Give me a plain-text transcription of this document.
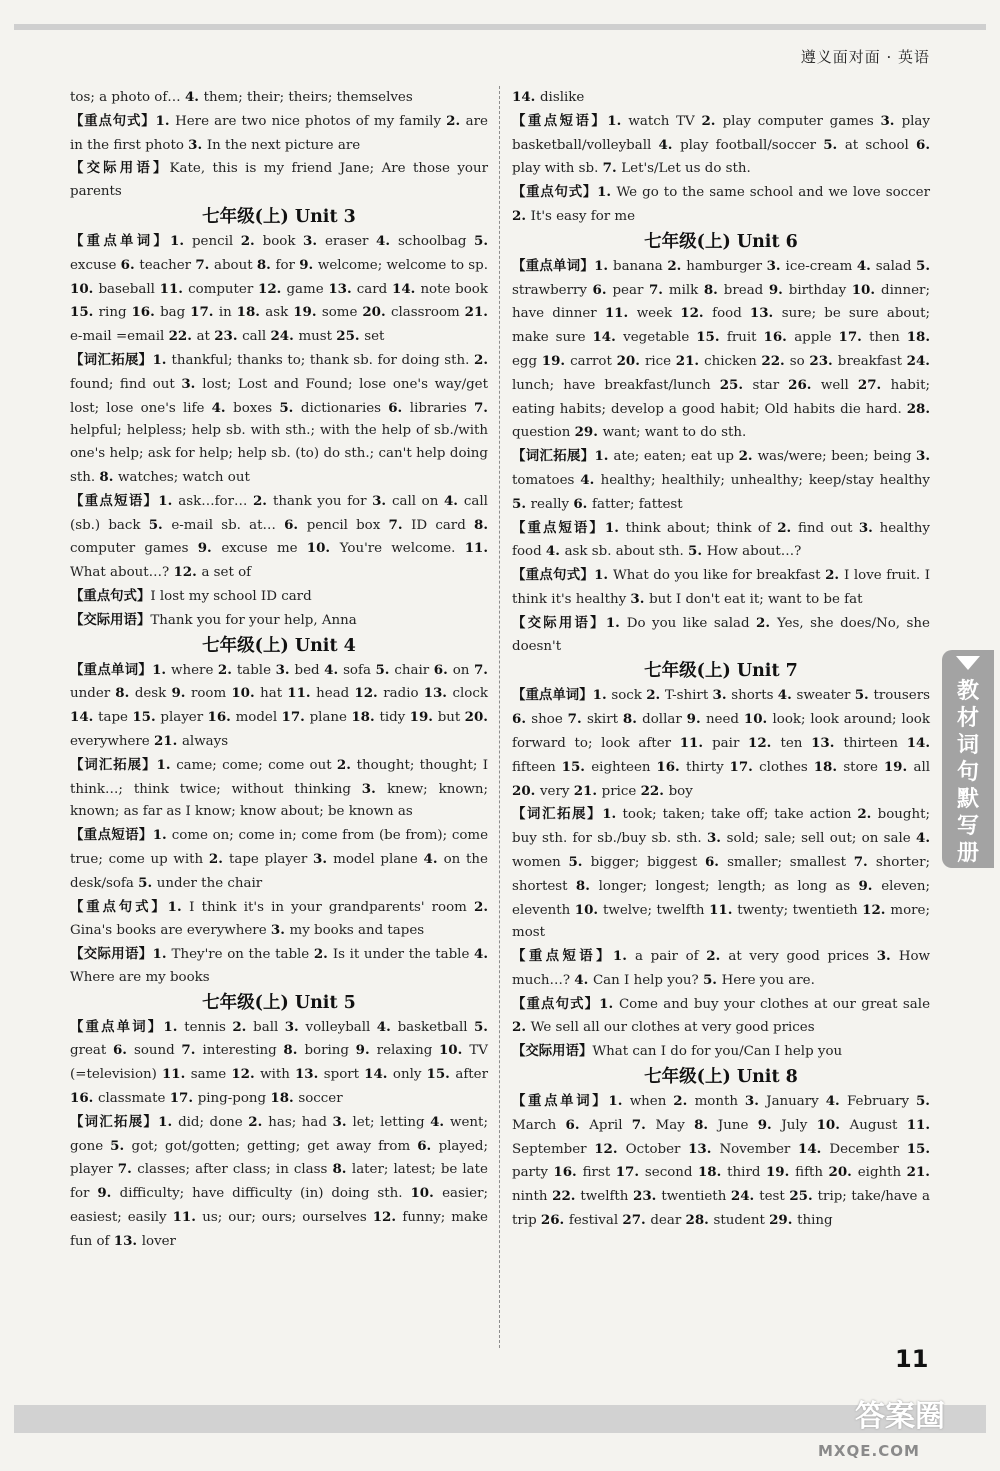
遵义面对面 · 英语

tos; a photo of… 4. them; their; theirs; themselves

【重点句式】1. Here are two nice photos of my family 2. are in the first photo 3. In the next picture are

【交际用语】Kate, this is my friend Jane; Are those your parents

七年级(上) Unit 3

【重点单词】1. pencil 2. book 3. eraser 4. schoolbag 5. excuse 6. teacher 7. about 8. for 9. welcome; welcome to sp. 10. baseball 11. computer 12. game 13. card 14. note book 15. ring 16. bag 17. in 18. ask 19. some 20. classroom 21. e-mail =email 22. at 23. call 24. must 25. set

【词汇拓展】1. thankful; thanks to; thank sb. for doing sth. 2. found; find out 3. lost; Lost and Found; lose one's way/get lost; lose one's life 4. boxes 5. dictionaries 6. libraries 7. helpful; helpless; help sb. with sth.; with the help of sb./with one's help; ask for help; help sb. (to) do sth.; can't help doing sth. 8. watches; watch out

【重点短语】1. ask…for… 2. thank you for 3. call on 4. call (sb.) back 5. e-mail sb. at… 6. pencil box 7. ID card 8. computer games 9. excuse me 10. You're welcome. 11. What about…? 12. a set of

【重点句式】I lost my school ID card

【交际用语】Thank you for your help, Anna

七年级(上) Unit 4

【重点单词】1. where 2. table 3. bed 4. sofa 5. chair 6. on 7. under 8. desk 9. room 10. hat 11. head 12. radio 13. clock 14. tape 15. player 16. model 17. plane 18. tidy 19. but 20. everywhere 21. always

【词汇拓展】1. came; come; come out 2. thought; thought; I think…; think twice; without thinking 3. knew; known; known; as far as I know; know about; be known as

【重点短语】1. come on; come in; come from (be from); come true; come up with 2. tape player 3. model plane 4. on the desk/sofa 5. under the chair

【重点句式】1. I think it's in your grandparents' room 2. Gina's books are everywhere 3. my books and tapes

【交际用语】1. They're on the table 2. Is it under the table 4. Where are my books

七年级(上) Unit 5

【重点单词】1. tennis 2. ball 3. volleyball 4. basketball 5. great 6. sound 7. interesting 8. boring 9. relaxing 10. TV (=television) 11. same 12. with 13. sport 14. only 15. after 16. classmate 17. ping-pong 18. soccer

【词汇拓展】1. did; done 2. has; had 3. let; letting 4. went; gone 5. got; got/gotten; getting; get away from 6. played; player 7. classes; after class; in class 8. later; latest; be late for 9. difficulty; have difficulty (in) doing sth. 10. easier; easiest; easily 11. us; our; ours; ourselves 12. funny; make fun of 13. lover

14. dislike

【重点短语】1. watch TV 2. play computer games 3. play basketball/volleyball 4. play football/soccer 5. at school 6. play with sb. 7. Let's/Let us do sth.

【重点句式】1. We go to the same school and we love soccer 2. It's easy for me

七年级(上) Unit 6

【重点单词】1. banana 2. hamburger 3. ice-cream 4. salad 5. strawberry 6. pear 7. milk 8. bread 9. birthday 10. dinner; have dinner 11. week 12. food 13. sure; be sure about; make sure 14. vegetable 15. fruit 16. apple 17. then 18. egg 19. carrot 20. rice 21. chicken 22. so 23. breakfast 24. lunch; have breakfast/lunch 25. star 26. well 27. habit; eating habits; develop a good habit; Old habits die hard. 28. question 29. want; want to do sth.

【词汇拓展】1. ate; eaten; eat up 2. was/were; been; being 3. tomatoes 4. healthy; healthily; unhealthy; keep/stay healthy 5. really 6. fatter; fattest

【重点短语】1. think about; think of 2. find out 3. healthy food 4. ask sb. about sth. 5. How about…?

【重点句式】1. What do you like for breakfast 2. I love fruit. I think it's healthy 3. but I don't eat it; want to be fat

【交际用语】1. Do you like salad 2. Yes, she does/No, she doesn't

七年级(上) Unit 7

【重点单词】1. sock 2. T-shirt 3. shorts 4. sweater 5. trousers 6. shoe 7. skirt 8. dollar 9. need 10. look; look around; look forward to; look after 11. pair 12. ten 13. thirteen 14. fifteen 15. eighteen 16. thirty 17. clothes 18. store 19. all 20. very 21. price 22. boy

【词汇拓展】1. took; taken; take off; take action 2. bought; buy sth. for sb./buy sb. sth. 3. sold; sale; sell out; on sale 4. women 5. bigger; biggest 6. smaller; smallest 7. shorter; shortest 8. longer; longest; length; as long as 9. eleven; eleventh 10. twelve; twelfth 11. twenty; twentieth 12. more; most

【重点短语】1. a pair of 2. at very good prices 3. How much…? 4. Can I help you? 5. Here you are.

【重点句式】1. Come and buy your clothes at our great sale 2. We sell all our clothes at very good prices

【交际用语】What can I do for you/Can I help you

七年级(上) Unit 8

【重点单词】1. when 2. month 3. January 4. February 5. March 6. April 7. May 8. June 9. July 10. August 11. September 12. October 13. November 14. December 15. party 16. first 17. second 18. third 19. fifth 20. eighth 21. ninth 22. twelfth 23. twentieth 24. test 25. trip; take/have a trip 26. festival 27. dear 28. student 29. thing

教材词句默写册
11
答案圈
MXQE.COM
